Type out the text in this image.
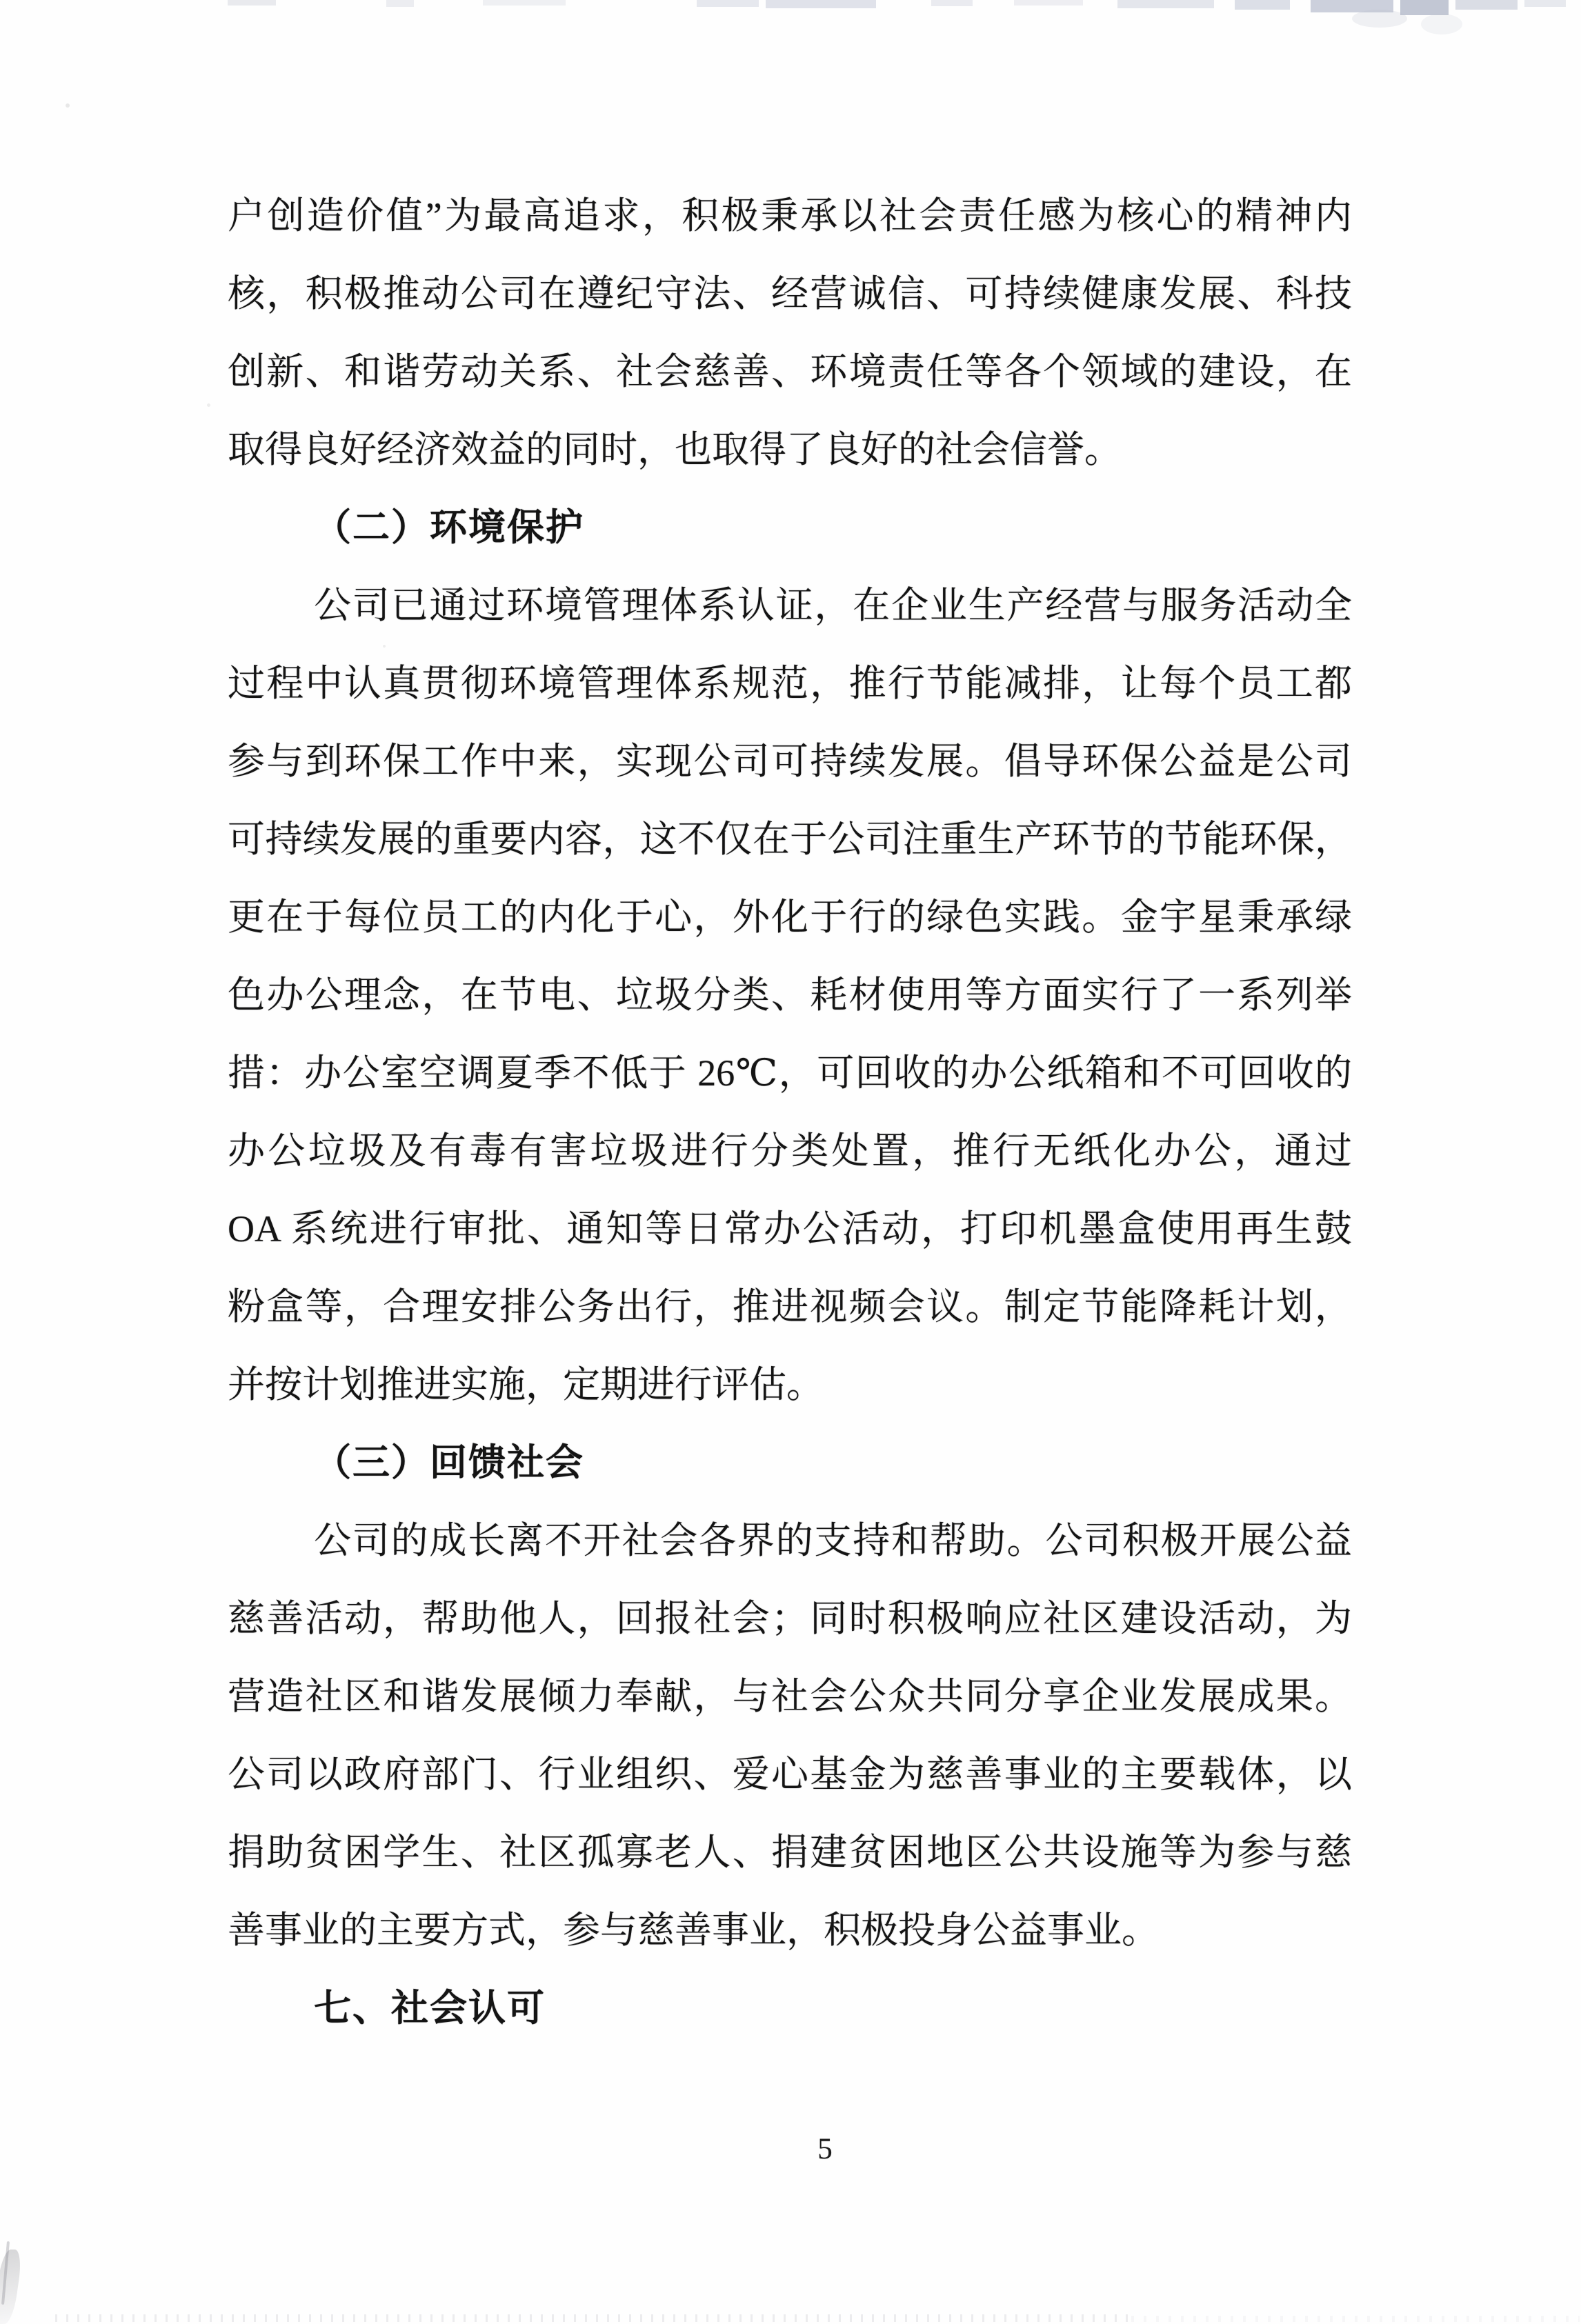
户创造价值”为最高追求，积极秉承以社会责任感为核心的精神内
核，积极推动公司在遵纪守法、经营诚信、可持续健康发展、科技
创新、和谐劳动关系、社会慈善、环境责任等各个领域的建设，在
取得良好经济效益的同时，也取得了良好的社会信誉。
（二）环境保护
公司已通过环境管理体系认证，在企业生产经营与服务活动全
过程中认真贯彻环境管理体系规范，推行节能减排，让每个员工都
参与到环保工作中来，实现公司可持续发展。倡导环保公益是公司
可持续发展的重要内容，这不仅在于公司注重生产环节的节能环保，
更在于每位员工的内化于心，外化于行的绿色实践。金宇星秉承绿
色办公理念，在节电、垃圾分类、耗材使用等方面实行了一系列举
措：办公室空调夏季不低于 26℃，可回收的办公纸箱和不可回收的
办公垃圾及有毒有害垃圾进行分类处置，推行无纸化办公，通过
OA 系统进行审批、通知等日常办公活动，打印机墨盒使用再生鼓
粉盒等，合理安排公务出行，推进视频会议。制定节能降耗计划，
并按计划推进实施，定期进行评估。
（三）回馈社会
公司的成长离不开社会各界的支持和帮助。公司积极开展公益
慈善活动，帮助他人，回报社会；同时积极响应社区建设活动，为
营造社区和谐发展倾力奉献，与社会公众共同分享企业发展成果。
公司以政府部门、行业组织、爱心基金为慈善事业的主要载体，以
捐助贫困学生、社区孤寡老人、捐建贫困地区公共设施等为参与慈
善事业的主要方式，参与慈善事业，积极投身公益事业。
七、社会认可
5
